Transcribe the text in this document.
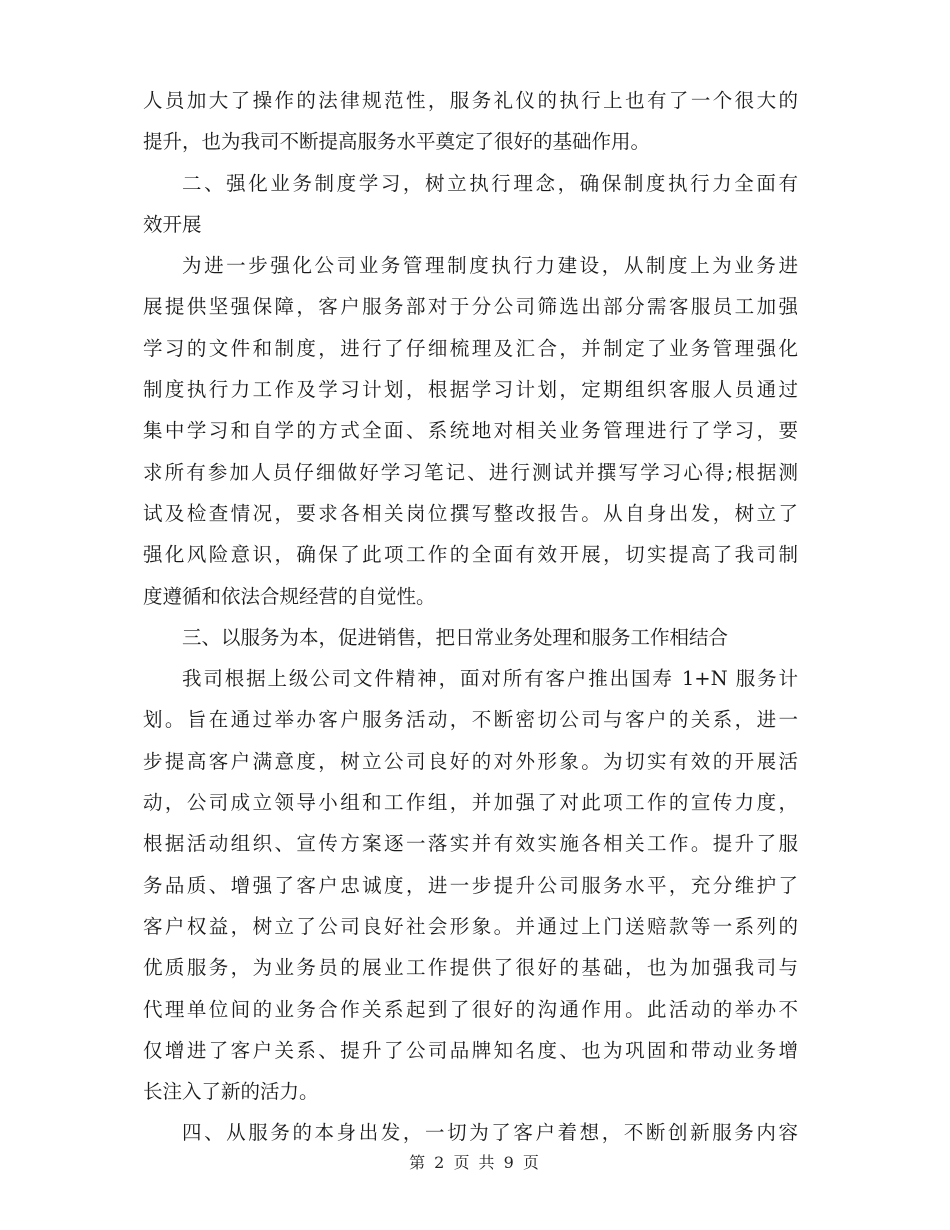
人员加大了操作的法律规范性，服务礼仪的执行上也有了一个很大的
提升，也为我司不断提高服务水平奠定了很好的基础作用。
二、强化业务制度学习，树立执行理念，确保制度执行力全面有
效开展
为进一步强化公司业务管理制度执行力建设，从制度上为业务进
展提供坚强保障，客户服务部对于分公司筛选出部分需客服员工加强
学习的文件和制度，进行了仔细梳理及汇合，并制定了业务管理强化
制度执行力工作及学习计划，根据学习计划，定期组织客服人员通过
集中学习和自学的方式全面、系统地对相关业务管理进行了学习，要
求所有参加人员仔细做好学习笔记、进行测试并撰写学习心得;根据测
试及检查情况，要求各相关岗位撰写整改报告。从自身出发，树立了
强化风险意识，确保了此项工作的全面有效开展，切实提高了我司制
度遵循和依法合规经营的自觉性。
三、以服务为本，促进销售，把日常业务处理和服务工作相结合
我司根据上级公司文件精神，面对所有客户推出国寿 1+N 服务计
划。旨在通过举办客户服务活动，不断密切公司与客户的关系，进一
步提高客户满意度，树立公司良好的对外形象。为切实有效的开展活
动，公司成立领导小组和工作组，并加强了对此项工作的宣传力度，
根据活动组织、宣传方案逐一落实并有效实施各相关工作。提升了服
务品质、增强了客户忠诚度，进一步提升公司服务水平，充分维护了
客户权益，树立了公司良好社会形象。并通过上门送赔款等一系列的
优质服务，为业务员的展业工作提供了很好的基础，也为加强我司与
代理单位间的业务合作关系起到了很好的沟通作用。此活动的举办不
仅增进了客户关系、提升了公司品牌知名度、也为巩固和带动业务增
长注入了新的活力。
四、从服务的本身出发，一切为了客户着想，不断创新服务内容
第 2 页 共 9 页
